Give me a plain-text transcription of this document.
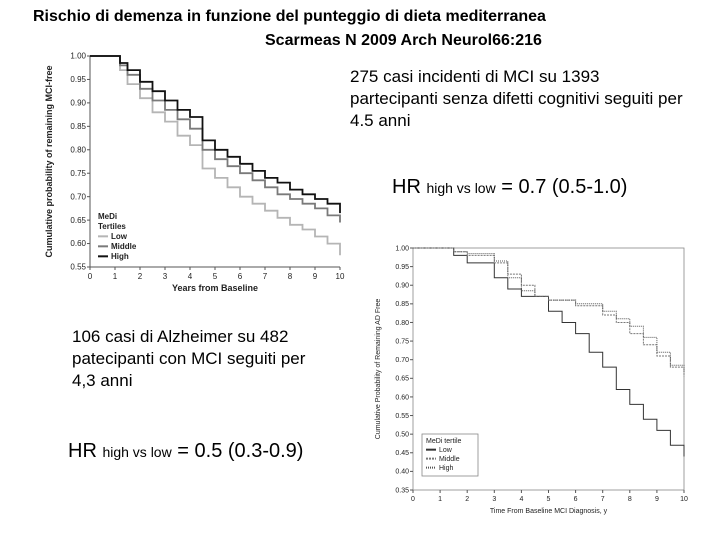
Rischio di demenza in funzione del punteggio di dieta mediterranea
Scarmeas N 2009 Arch Neurol66:216
0	1	2	3	4	5	6	7	8	9 10
0.55
0.60
0.65
0.70
0.75
0.80
0.85
0.90
0.95
1.00
Years from Baseline
Cumulative probability of remaining MCI-free	MeDi
Tertiles
Low
Middle
High
0	1	2	3	4	5	6	7	8	9	10
0.35
0.40
0.45
0.50
0.55
0.60
0.65
0.70
0.75
0.80
0.85
0.90
0.95
1.00
Time From Baseline MCI Diagnosis, y
Cumulative Probability of Remaining AD Free
MeDi tertile
Low
Middle
High
275 casi incidenti di MCI su 1393 partecipanti senza difetti cognitivi seguiti per 4.5 anni
106 casi di Alzheimer su 482 patecipanti con MCI seguiti per 4,3 anni
HR high vs low = 0.7 (0.5-1.0)
HR high vs low = 0.5 (0.3-0.9)
